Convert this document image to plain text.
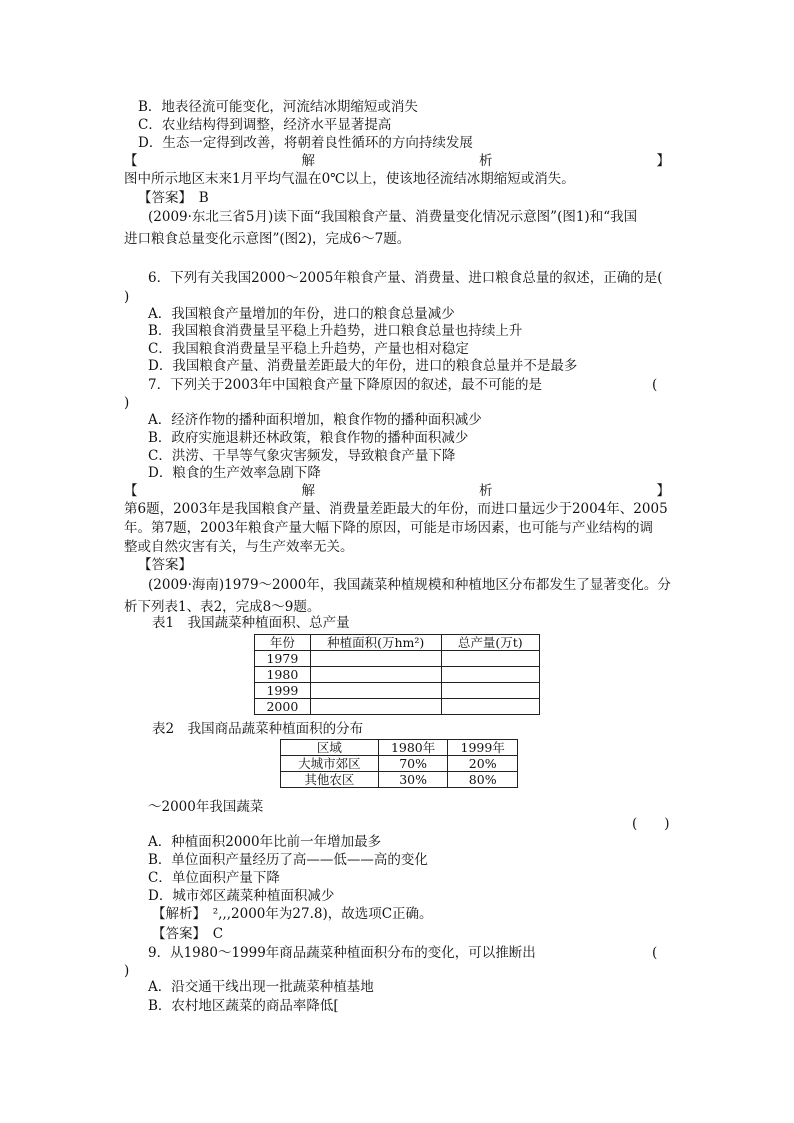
B．地表径流可能变化，河流结冰期缩短或消失
C．农业结构得到调整，经济水平显著提高
D．生态一定得到改善，将朝着良性循环的方向持续发展
【	解	析	】
图中所示地区末来1月平均气温在0℃以上，使该地径流结冰期缩短或消失。
【答案】　B
(2009·东北三省5月)读下面“我国粮食产量、消费量变化情况示意图”(图1)和“我国
进口粮食总量变化示意图”(图2)，完成6～7题。
6．下列有关我国2000～2005年粮食产量、消费量、进口粮食总量的叙述，正确的是(
)
A．我国粮食产量增加的年份，进口的粮食总量减少
B．我国粮食消费量呈平稳上升趋势，进口粮食总量也持续上升
C．我国粮食消费量呈平稳上升趋势，产量也相对稳定
D．我国粮食产量、消费量差距最大的年份，进口的粮食总量并不是最多
7．下列关于2003年中国粮食产量下降原因的叙述，最不可能的是	(
)
A．经济作物的播种面积增加，粮食作物的播种面积减少
B．政府实施退耕还林政策，粮食作物的播种面积减少
C．洪涝、干旱等气象灾害频发，导致粮食产量下降
D．粮食的生产效率急剧下降
【	解	析	】
第6题，2003年是我国粮食产量、消费量差距最大的年份，而进口量远少于2004年、2005
年。第7题，2003年粮食产量大幅下降的原因，可能是市场因素，也可能与产业结构的调
整或自然灾害有关，与生产效率无关。
【答案】
(2009·海南)1979～2000年，我国蔬菜种植规模和种植地区分布都发生了显著变化。分
析下列表1、表2，完成8～9题。
表1　我国蔬菜种植面积、总产量
年份	种植面积(万hm²)	总产量(万t)
1979		
1980		
1999		
2000		
表2　我国商品蔬菜种植面积的分布
区域	1980年	1999年
大城市郊区	70%	20%
其他农区	30%	80%
～2000年我国蔬菜
(　　)
A．种植面积2000年比前一年增加最多
B．单位面积产量经历了高——低——高的变化
C．单位面积产量下降
D．城市郊区蔬菜种植面积减少
【解析】　²,,,2000年为27.8)，故选项C正确。
【答案】　C
9．从1980～1999年商品蔬菜种植面积分布的变化，可以推断出	(
)
A．沿交通干线出现一批蔬菜种植基地
B．农村地区蔬菜的商品率降低[
